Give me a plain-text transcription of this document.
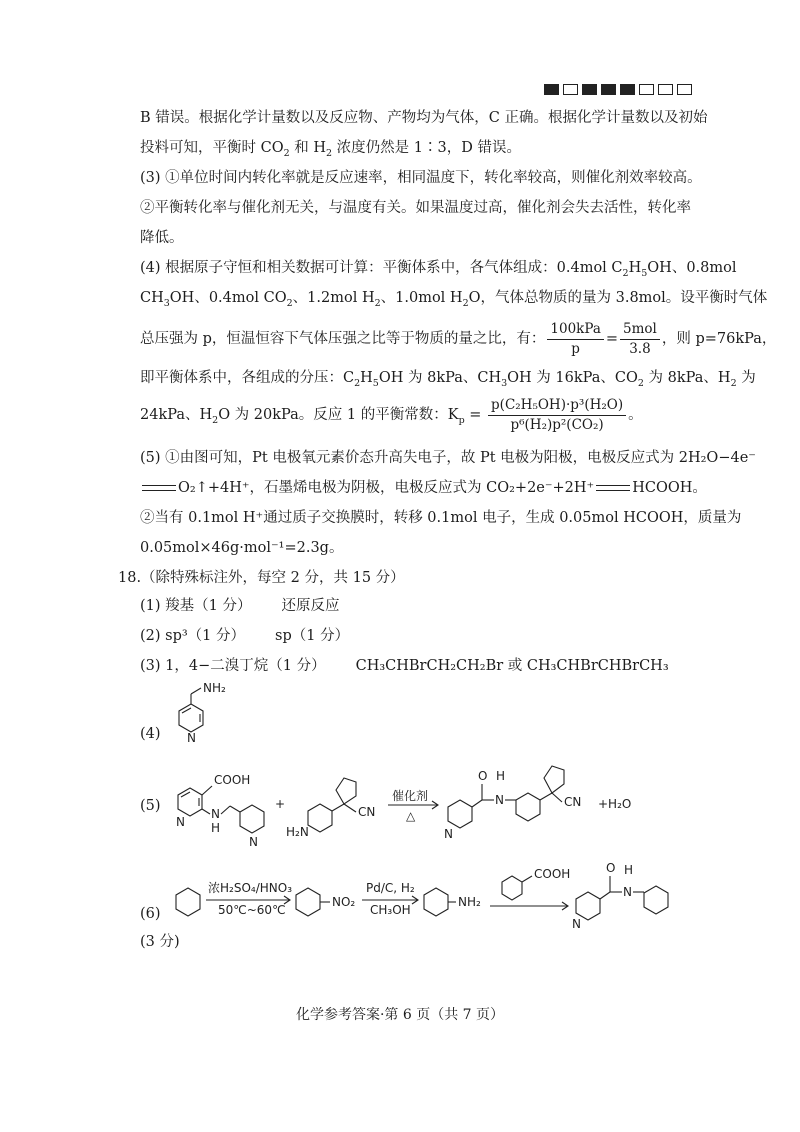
B 错误。根据化学计量数以及反应物、产物均为气体，C 正确。根据化学计量数以及初始
投料可知，平衡时 $CO_2$ 和 $H_2$ 浓度仍然是 1∶3，D 错误。
(3) ①单位时间内转化率就是反应速率，相同温度下，转化率较高，则催化剂效率较高。
②平衡转化率与催化剂无关，与温度有关。如果温度过高，催化剂会失去活性，转化率
降低。
(4) 根据原子守恒和相关数据可计算：平衡体系中，各气体组成：0.4mol $C_2H_5OH$、0.8mol
$CH_3OH$、0.4mol $CO_2$、1.2mol $H_2$、1.0mol $H_2O$，气体总物质的量为 3.8mol。设平衡时气体
总压强为 p，恒温恒容下气体压强之比等于物质的量之比，有： $\frac{\text{100kPa}}{p} = \frac{\text{5mol}}{3.8}$ ，则 p=76kPa，
即平衡体系中，各组成的分压：$C_2H_5OH$ 为 8kPa、$CH_3OH$ 为 16kPa、$CO_2$ 为 8kPa、$H_2$ 为
24kPa、$H_2O$ 为 20kPa。反应 1 的平衡常数：$K_p = \frac{\text{p(C₂H₅OH)·p³(H₂O)}}{\text{p⁶(H₂)p²(CO₂)}}$ 。
(5) ①由图可知，Pt 电极氧元素价态升高失电子，故 Pt 电极为阳极，电极反应式为 2H₂O−4e⁻
O₂↑+4H⁺，石墨烯电极为阴极，电极反应式为 CO₂+2e⁻+2H⁺	HCOOH。
②当有 0.1mol H⁺通过质子交换膜时，转移 0.1mol 电子，生成 0.05mol HCOOH，质量为
0.05mol×46g·mol⁻¹=2.3g。
18.（除特殊标注外，每空 2 分，共 15 分）
(1) 羧基（1 分） 还原反应
(2) sp³（1 分） sp（1 分）
(3) 1，4−二溴丁烷（1 分） CH₃CHBrCH₂CH₂Br 或 CH₃CHBrCHBrCH₃
(4)
(5)
(6)
(3 分)
NH₂
N
COOH
N
N
H
N
+
H₂N
CN
催化剂
△
N
O
N
H
CN +H₂O
浓H₂SO₄/HNO₃
50℃~60℃
NO₂
Pd/C, H₂
CH₃OH
NH₂
COOH
N
O
N
H
化学参考答案·第 6 页（共 7 页）
